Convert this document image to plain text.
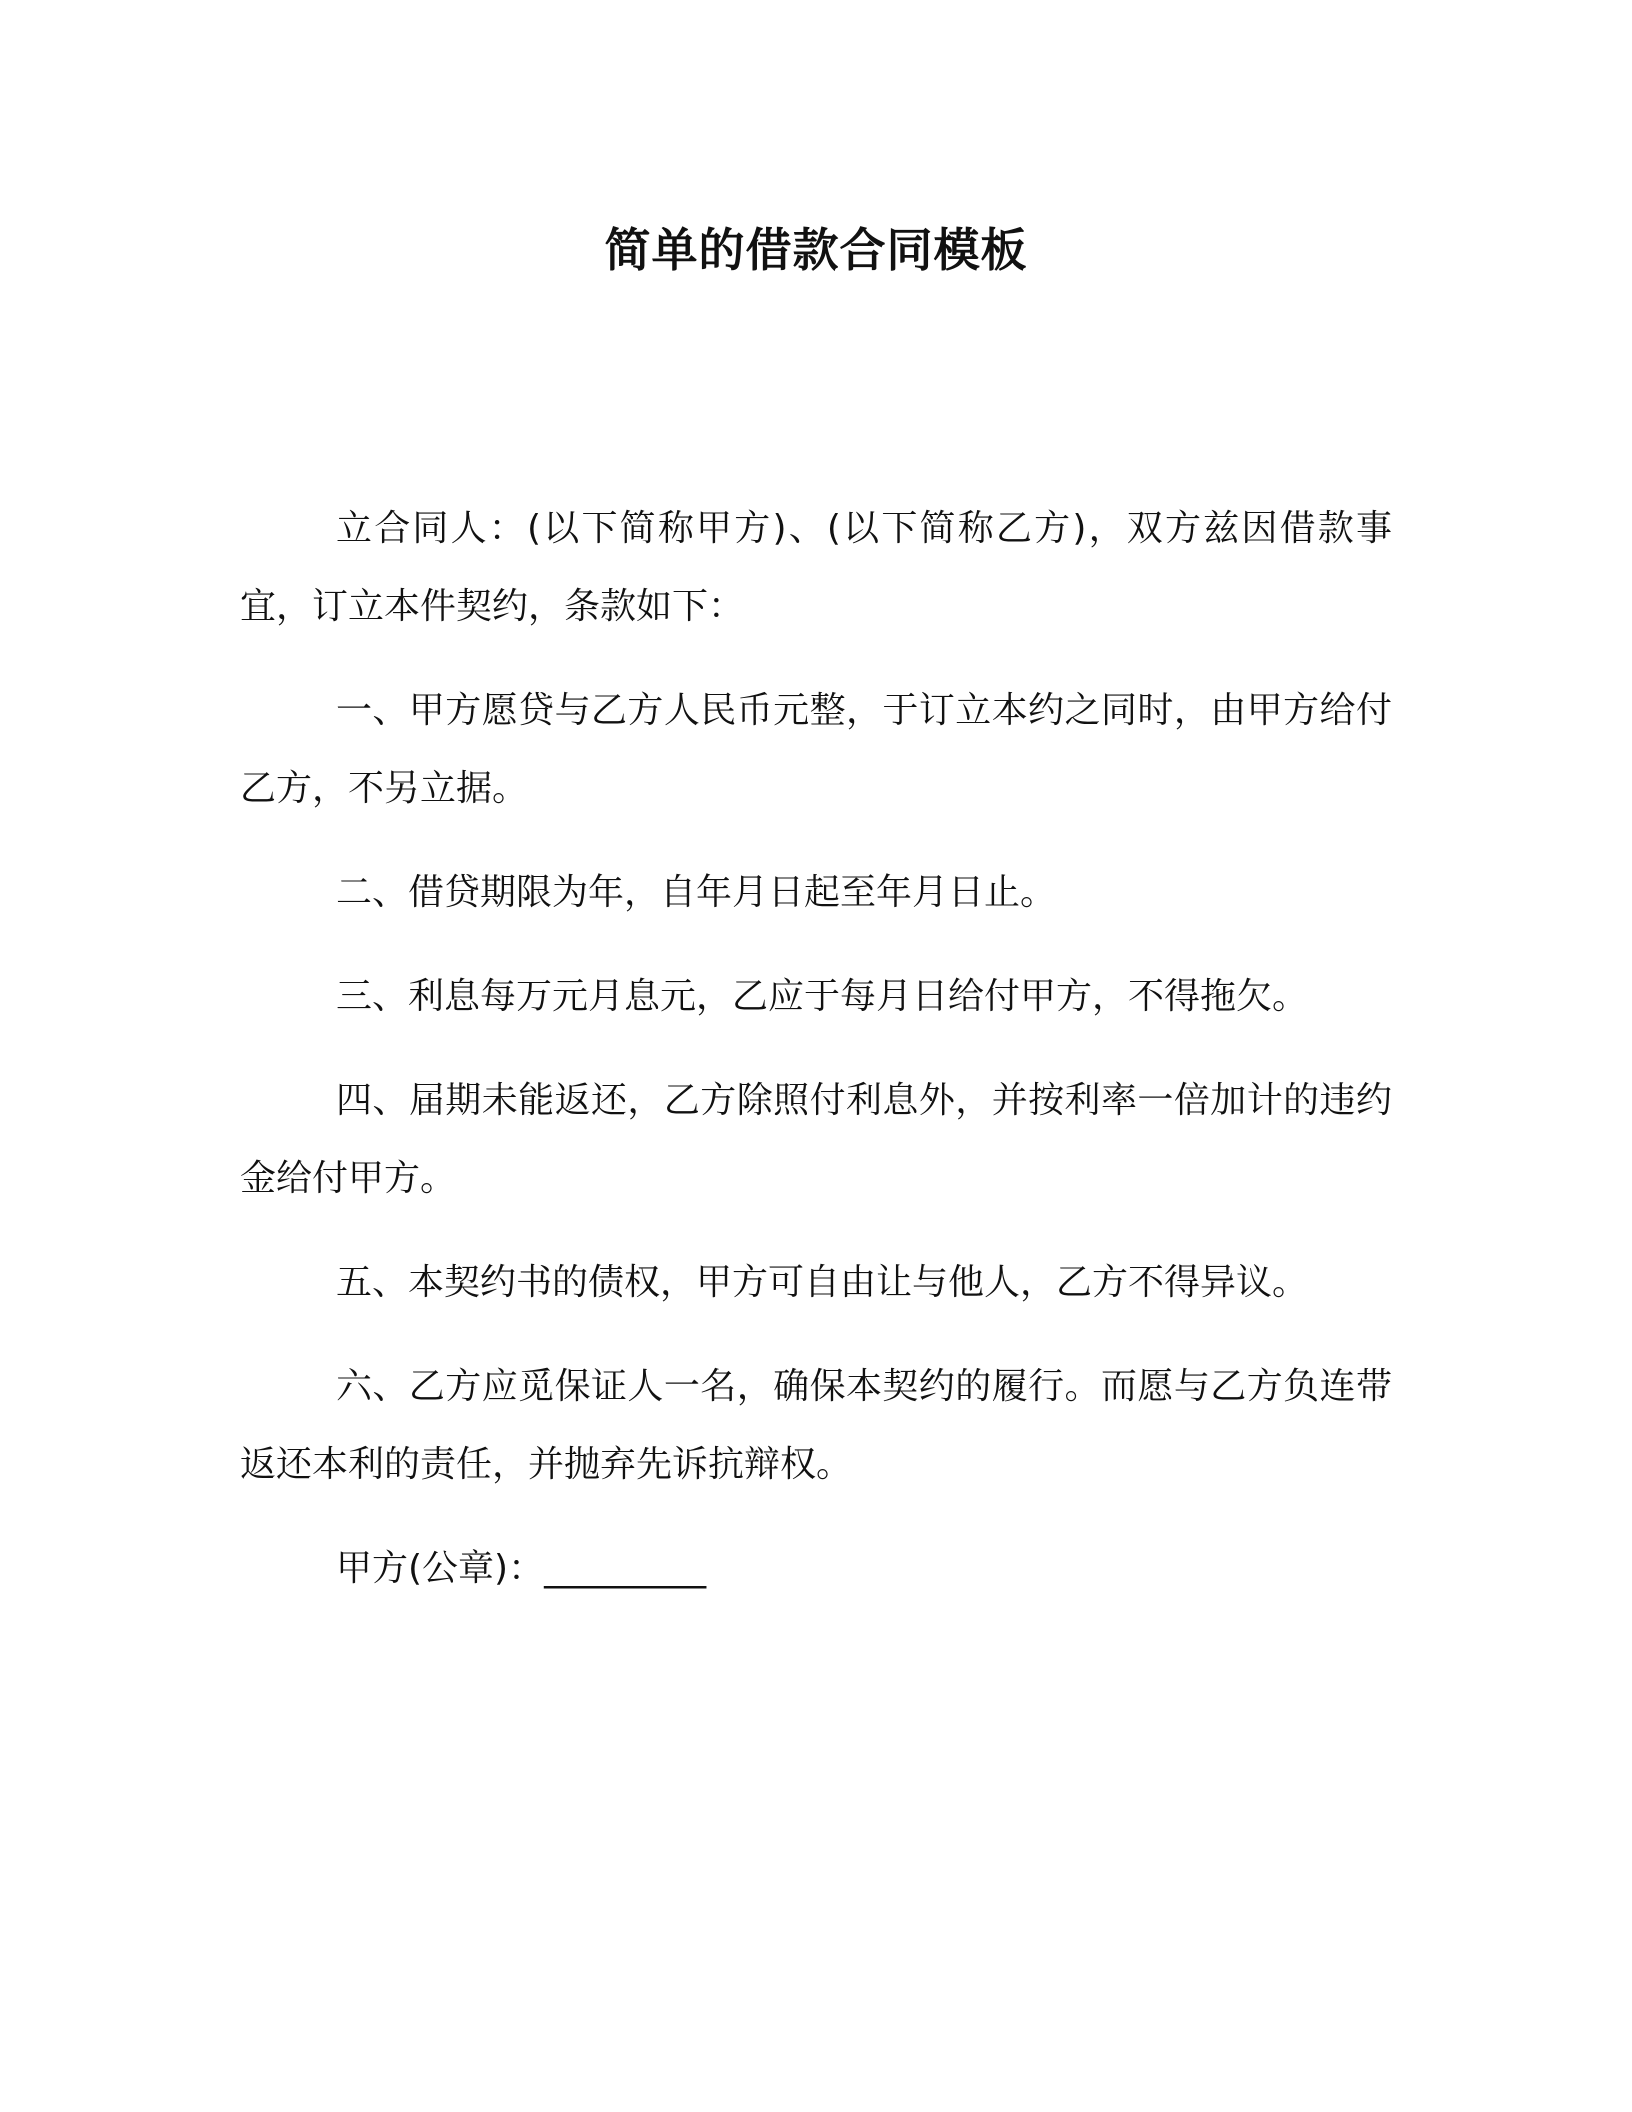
简单的借款合同模板

立合同人：(以下简称甲方)、(以下简称乙方)，双方兹因借款事宜，订立本件契约，条款如下：

一、甲方愿贷与乙方人民币元整，于订立本约之同时，由甲方给付乙方，不另立据。

二、借贷期限为年，自年月日起至年月日止。

三、利息每万元月息元，乙应于每月日给付甲方，不得拖欠。

四、届期未能返还，乙方除照付利息外，并按利率一倍加计的违约金给付甲方。

五、本契约书的债权，甲方可自由让与他人，乙方不得异议。

六、乙方应觅保证人一名，确保本契约的履行。而愿与乙方负连带返还本利的责任，并抛弃先诉抗辩权。

甲方(公章)：_________
